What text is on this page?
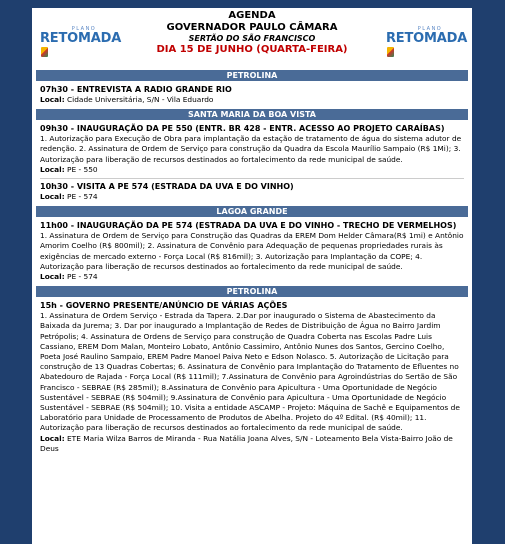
PLANO
RETOMADA
AGENDA
GOVERNADOR PAULO CÂMARA
SERTÃO DO SÃO FRANCISCO
DIA 15 DE JUNHO (QUARTA-FEIRA)
PLANO
RETOMADA
PETROLINA
07h30 - ENTREVISTA A RADIO GRANDE RIO
Local: Cidade Universitária, S/N - Vila Eduardo
SANTA MARIA DA BOA VISTA
09h30 - INAUGURAÇÃO DA PE 550 (ENTR. BR 428 - ENTR. ACESSO AO PROJETO CARAÍBAS)

1. Autorização para Execução de Obra para implantação da estação de tratamento de água do sistema adutor de redenção. 2. Assinatura de Ordem de Serviço para construção da Quadra da Escola Maurílio Sampaio (R$ 1Mi); 3. Autorização para liberação de recursos destinados ao fortalecimento da rede municipal de saúde.

Local: PE - 550
10h30 - VISITA A PE 574 (ESTRADA DA UVA E DO VINHO)
Local: PE - 574
LAGOA GRANDE
11h00 - INAUGURAÇÃO DA PE 574 (ESTRADA DA UVA E DO VINHO - TRECHO DE VERMELHOS)

1. Assinatura de Ordem de Serviço para Construção das Quadras da EREM Dom Helder Câmara(R$ 1mi) e Antônio Amorim Coelho (R$ 800mil); 2. Assinatura de Convênio para Adequação de pequenas propriedades rurais às exigências de mercado externo - Força Local (R$ 816mil); 3. Autorização para Implantação da COPE; 4. Autorização para liberação de recursos destinados ao fortalecimento da rede municipal de saúde.

Local: PE - 574
PETROLINA
15h - GOVERNO PRESENTE/ANÚNCIO DE VÁRIAS AÇÕES

1. Assinatura de Ordem Serviço - Estrada da Tapera. 2.Dar por inaugurado o Sistema de Abastecimento da Baixada da Jurema; 3. Dar por inaugurado a Implantação de Redes de Distribuição de Água no Bairro Jardim Petrópolis; 4. Assinatura de Ordens de Serviço para construção de Quadra Coberta nas Escolas Padre Luis Cassiano, EREM Dom Malan, Monteiro Lobato, Antônio Cassimiro, Antônio Nunes dos Santos, Gercino Coelho, Poeta José Raulino Sampaio, EREM Padre Manoel Paiva Neto e Edson Nolasco. 5. Autorização de Licitação para construção de 13 Quadras Cobertas; 6. Assinatura de Convênio para Implantação do Tratamento de Efluentes no Abatedouro de Rajada - Força Local (R$ 111mil); 7.Assinatura de Convênio para Agroindústrias do Sertão de São Francisco - SEBRAE (R$ 285mil); 8.Assinatura de Convênio para Apicultura - Uma Oportunidade de Negócio Sustentável - SEBRAE (R$ 504mil); 9.Assinatura de Convênio para Apicultura - Uma Oportunidade de Negócio Sustentável - SEBRAE (R$ 504mil); 10. Visita a entidade ASCAMP - Projeto: Máquina de Sachê e Equipamentos de Laboratório para Unidade de Processamento de Produtos de Abelha. Projeto do 4º Edital. (R$ 40mil); 11. Autorização para liberação de recursos destinados ao fortalecimento da rede municipal de saúde.

Local: ETE Maria Wilza Barros de Miranda - Rua Natália Joana Alves, S/N - Loteamento Bela Vista-Bairro João de Deus
